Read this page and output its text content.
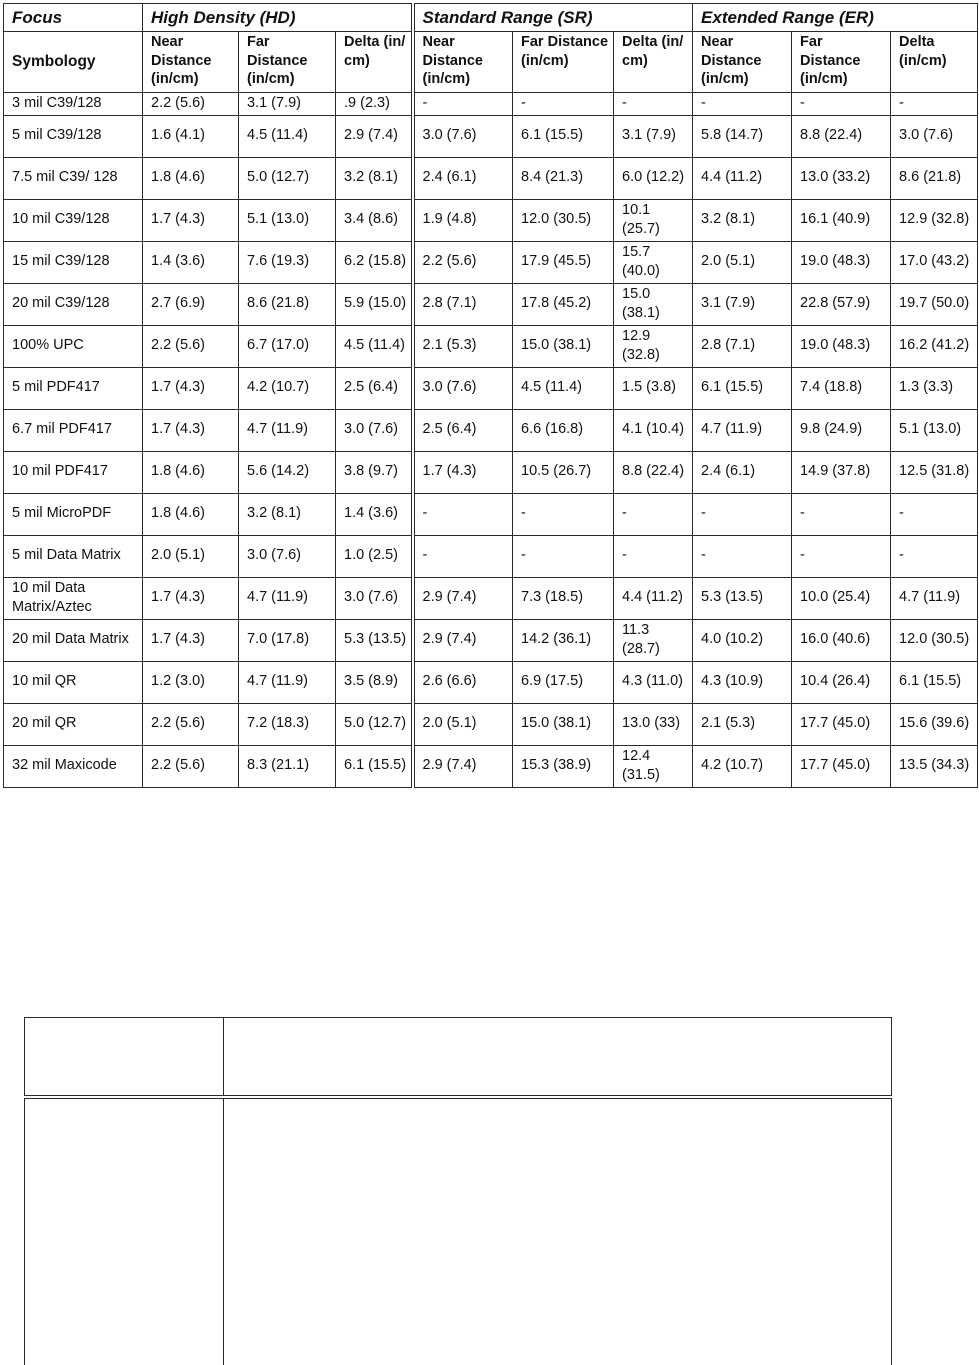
Focus	High Density (HD)			Standard Range (SR)			Extended Range (ER)		
Symbology	Near Distance (in/cm)	Far Distance (in/cm)	Delta (in/ cm)	Near Distance (in/cm)	Far Distance (in/cm)	Delta (in/ cm)	Near Distance (in/cm)	Far Distance (in/cm)	Delta (in/cm)
3 mil C39/128	2.2 (5.6)	3.1 (7.9)	.9 (2.3)	-	-	-	-	-	-
5 mil C39/128	1.6 (4.1)	4.5 (11.4)	2.9 (7.4)	3.0 (7.6)	6.1 (15.5)	3.1 (7.9)	5.8 (14.7)	8.8 (22.4)	3.0 (7.6)
7.5 mil C39/ 128	1.8 (4.6)	5.0 (12.7)	3.2 (8.1)	2.4 (6.1)	8.4 (21.3)	6.0 (12.2)	4.4 (11.2)	13.0 (33.2)	8.6 (21.8)
10 mil C39/128	1.7 (4.3)	5.1 (13.0)	3.4 (8.6)	1.9 (4.8)	12.0 (30.5)	10.1 (25.7)	3.2 (8.1)	16.1 (40.9)	12.9 (32.8)
15 mil C39/128	1.4 (3.6)	7.6 (19.3)	6.2 (15.8)	2.2 (5.6)	17.9 (45.5)	15.7 (40.0)	2.0 (5.1)	19.0 (48.3)	17.0 (43.2)
20 mil C39/128	2.7 (6.9)	8.6 (21.8)	5.9 (15.0)	2.8 (7.1)	17.8 (45.2)	15.0 (38.1)	3.1 (7.9)	22.8 (57.9)	19.7 (50.0)
100% UPC	2.2 (5.6)	6.7 (17.0)	4.5 (11.4)	2.1 (5.3)	15.0 (38.1)	12.9 (32.8)	2.8 (7.1)	19.0 (48.3)	16.2 (41.2)
5 mil PDF417	1.7 (4.3)	4.2 (10.7)	2.5 (6.4)	3.0 (7.6)	4.5 (11.4)	1.5 (3.8)	6.1 (15.5)	7.4 (18.8)	1.3 (3.3)
6.7 mil PDF417	1.7 (4.3)	4.7 (11.9)	3.0 (7.6)	2.5 (6.4)	6.6 (16.8)	4.1 (10.4)	4.7 (11.9)	9.8 (24.9)	5.1 (13.0)
10 mil PDF417	1.8 (4.6)	5.6 (14.2)	3.8 (9.7)	1.7 (4.3)	10.5 (26.7)	8.8 (22.4)	2.4 (6.1)	14.9 (37.8)	12.5 (31.8)
5 mil MicroPDF	1.8 (4.6)	3.2 (8.1)	1.4 (3.6)	-	-	-	-	-	-
5 mil Data Matrix	2.0 (5.1)	3.0 (7.6)	1.0 (2.5)	-	-	-	-	-	-
10 mil Data Matrix/Aztec	1.7 (4.3)	4.7 (11.9)	3.0 (7.6)	2.9 (7.4)	7.3 (18.5)	4.4 (11.2)	5.3 (13.5)	10.0 (25.4)	4.7 (11.9)
20 mil Data Matrix	1.7 (4.3)	7.0 (17.8)	5.3 (13.5)	2.9 (7.4)	14.2 (36.1)	11.3 (28.7)	4.0 (10.2)	16.0 (40.6)	12.0 (30.5)
10 mil QR	1.2 (3.0)	4.7 (11.9)	3.5 (8.9)	2.6 (6.6)	6.9 (17.5)	4.3 (11.0)	4.3 (10.9)	10.4 (26.4)	6.1 (15.5)
20 mil QR	2.2 (5.6)	7.2 (18.3)	5.0 (12.7)	2.0 (5.1)	15.0 (38.1)	13.0 (33)	2.1 (5.3)	17.7 (45.0)	15.6 (39.6)
32 mil Maxicode	2.2 (5.6)	8.3 (21.1)	6.1 (15.5)	2.9 (7.4)	15.3 (38.9)	12.4 (31.5)	4.2 (10.7)	17.7 (45.0)	13.5 (34.3)
